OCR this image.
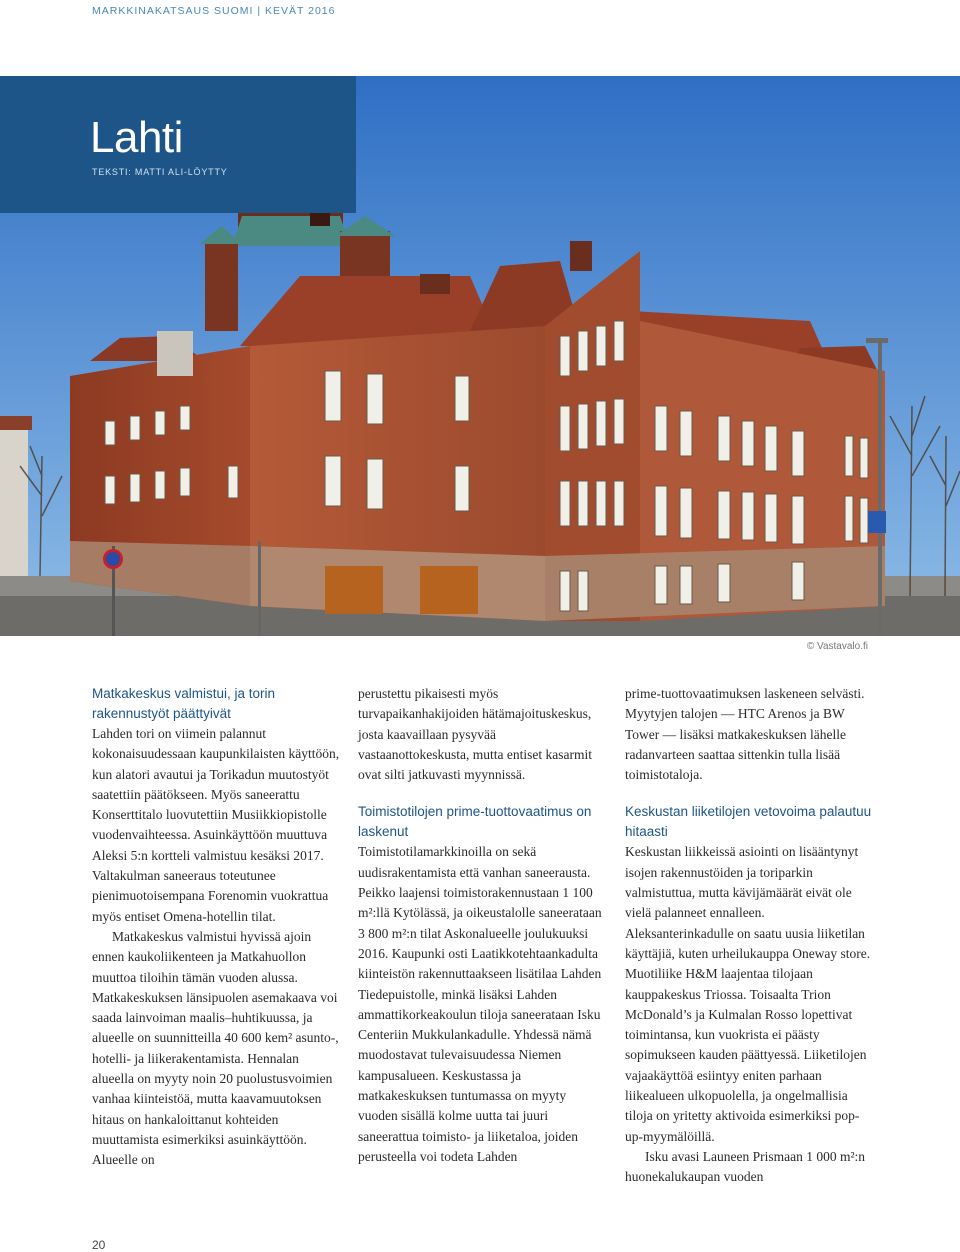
MARKKINAKATSAUS SUOMI | KEVÄT 2016
Lahti
TEKSTI: MATTI ALI-LÖYTTY
© Vastavalo.fi
Matkakeskus valmistui, ja torin rakennustyöt päättyivät

Lahden tori on viimein palannut kokonaisuudessaan kaupunkilaisten käyttöön, kun alatori avautui ja Torikadun muutostyöt saatettiin päätökseen. Myös saneerattu Konserttitalo luovutettiin Musiikkiopistolle vuodenvaihteessa. Asuinkäyttöön muuttuva Aleksi 5:n kortteli valmistuu kesäksi 2017. Valtakulman saneeraus toteutunee pienimuotoisempana Forenomin vuokrattua myös entiset Omena-hotellin tilat.

Matkakeskus valmistui hyvissä ajoin ennen kaukoliikenteen ja Matkahuollon muuttoa tiloihin tämän vuoden alussa. Matkakeskuksen länsipuolen asemakaava voi saada lainvoiman maalis–huhtikuussa, ja alueelle on suunnitteilla 40 600 kem² asunto-, hotelli- ja liikerakentamista. Hennalan alueella on myyty noin 20 puolustusvoimien vanhaa kiinteistöä, mutta kaavamuutoksen hitaus on hankaloittanut kohteiden muuttamista esimerkiksi asuinkäyttöön. Alueelle on

perustettu pikaisesti myös turvapaikanhakijoiden hätämajoituskeskus, josta kaavaillaan pysyvää vastaanottokeskusta, mutta entiset kasarmit ovat silti jatkuvasti myynnissä.

Toimistotilojen prime-tuottovaatimus on laskenut

Toimistotilamarkkinoilla on sekä uudisrakentamista että vanhan saneerausta. Peikko laajensi toimistorakennustaan 1 100 m²:llä Kytölässä, ja oikeustalolle saneerataan 3 800 m²:n tilat Askonalueelle joulukuuksi 2016. Kaupunki osti Laatikkotehtaankadulta kiinteistön rakennuttaakseen lisätilaa Lahden Tiedepuistolle, minkä lisäksi Lahden ammattikorkeakoulun tiloja saneerataan Isku Centeriin Mukkulankadulle. Yhdessä nämä muodostavat tulevaisuudessa Niemen kampusalueen. Keskustassa ja matkakeskuksen tuntumassa on myyty vuoden sisällä kolme uutta tai juuri saneerattua toimisto- ja liiketaloa, joiden perusteella voi todeta Lahden

prime-tuottovaatimuksen laskeneen selvästi. Myytyjen talojen — HTC Arenos ja BW Tower — lisäksi matkakeskuksen lähelle radanvarteen saattaa sittenkin tulla lisää toimistotaloja.

Keskustan liiketilojen vetovoima palautuu hitaasti

Keskustan liikkeissä asiointi on lisääntynyt isojen rakennustöiden ja toriparkin valmistuttua, mutta kävijämäärät eivät ole vielä palanneet ennalleen. Aleksanterinkadulle on saatu uusia liiketilan käyttäjiä, kuten urheilukauppa Oneway store. Muotiliike H&M laajentaa tilojaan kauppakeskus Triossa. Toisaalta Trion McDonald’s ja Kulmalan Rosso lopettivat toimintansa, kun vuokrista ei päästy sopimukseen kauden päättyessä. Liiketilojen vajaakäyttöä esiintyy eniten parhaan liikealueen ulkopuolella, ja ongelmallisia tiloja on yritetty aktivoida esimerkiksi pop-up-myymälöillä.

Isku avasi Launeen Prismaan 1 000 m²:n huonekalukaupan vuoden

20
